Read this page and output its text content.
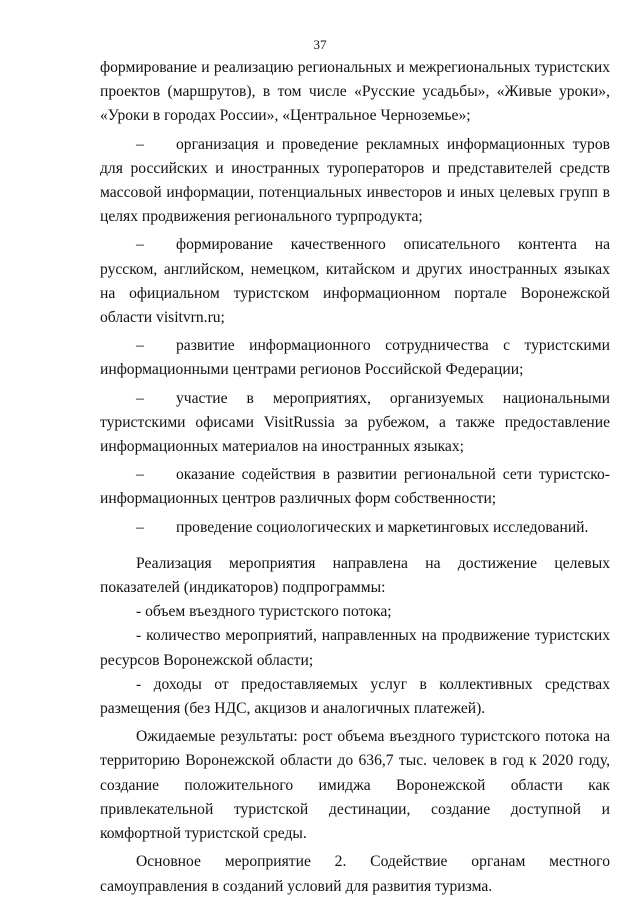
37

формирование и реализацию региональных и межрегиональных туристских проектов (маршрутов), в том числе «Русские усадьбы», «Живые уроки», «Уроки в городах России», «Центральное Черноземье»;

– организация и проведение рекламных информационных туров для российских и иностранных туроператоров и представителей средств массовой информации, потенциальных инвесторов и иных целевых групп в целях продвижения регионального турпродукта;

– формирование качественного описательного контента на русском, английском, немецком, китайском и других иностранных языках на официальном туристском информационном портале Воронежской области visitvrn.ru;

– развитие информационного сотрудничества с туристскими информационными центрами регионов Российской Федерации;

– участие в мероприятиях, организуемых национальными туристскими офисами VisitRussia за рубежом, а также предоставление информационных материалов на иностранных языках;

– оказание содействия в развитии региональной сети туристско-информационных центров различных форм собственности;

– проведение социологических и маркетинговых исследований.

Реализация мероприятия направлена на достижение целевых показателей (индикаторов) подпрограммы:

- объем въездного туристского потока;

- количество мероприятий, направленных на продвижение туристских ресурсов Воронежской области;

- доходы от предоставляемых услуг в коллективных средствах размещения (без НДС, акцизов и аналогичных платежей).

Ожидаемые результаты: рост объема въездного туристского потока на территорию Воронежской области до 636,7 тыс. человек в год к 2020 году, создание положительного имиджа Воронежской области как привлекательной туристской дестинации, создание доступной и комфортной туристской среды.

Основное мероприятие 2. Содействие органам местного самоуправления в созданий условий для развития туризма.
